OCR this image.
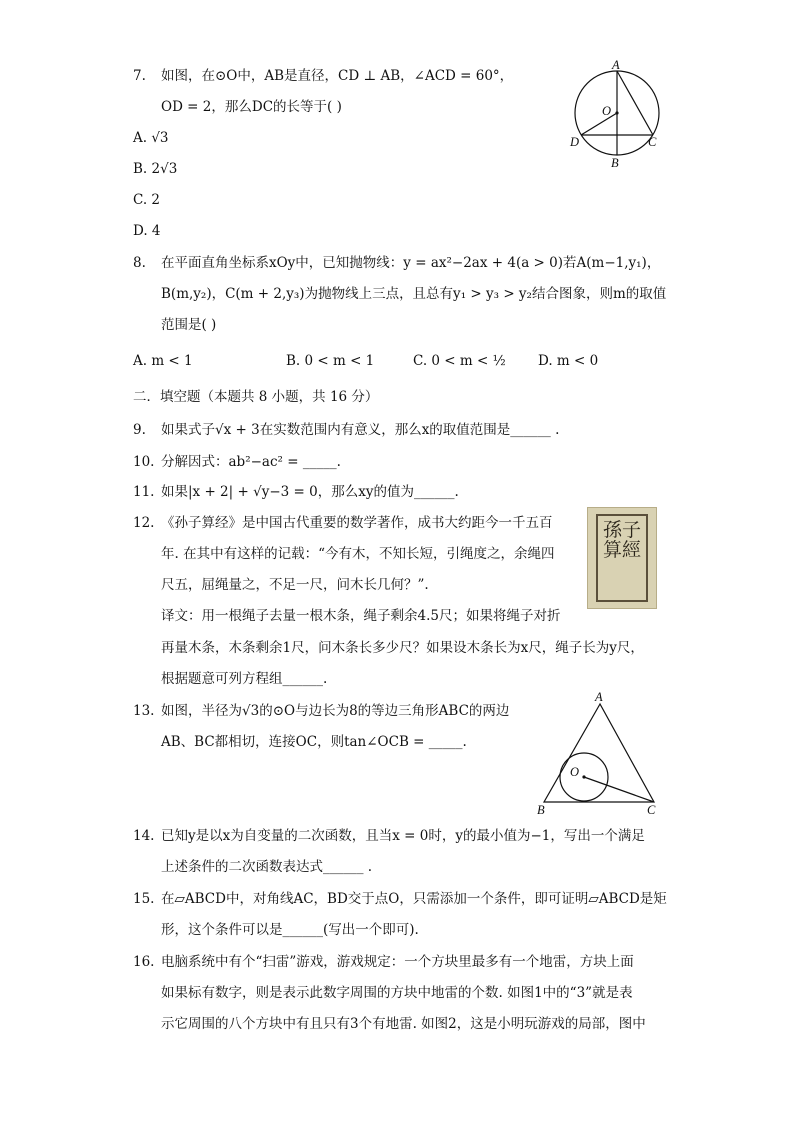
7. 如图，在⊙O中，AB是直径，CD ⊥ AB，∠ACD = 60°，
OD = 2，那么DC的长等于( )
A. √3
B. 2√3
C. 2
D. 4
A
O
D	C
B
8. 在平面直角坐标系xOy中，已知抛物线：y = ax²−2ax + 4(a > 0)若A(m−1,y₁)，
B(m,y₂)，C(m + 2,y₃)为抛物线上三点，且总有y₁ > y₃ > y₂结合图象，则m的取值
范围是( )
A. m < 1	B. 0 < m < 1	C. 0 < m < ½ D. m < 0
二．填空题（本题共 8 小题，共 16 分）
9. 如果式子√x + 3在实数范围内有意义，那么x的取值范围是______ .
10. 分解因式：ab²−ac² = _____.
11. 如果|x + 2| + √y−3 = 0，那么xy的值为______.
12. 《孙子算经》是中国古代重要的数学著作，成书大约距今一千五百
年. 在其中有这样的记载：“今有木，不知长短，引绳度之，余绳四
尺五，屈绳量之，不足一尺，问木长几何？”.
译文：用一根绳子去量一根木条，绳子剩余4.5尺；如果将绳子对折
再量木条，木条剩余1尺，问木条长多少尺？如果设木条长为x尺，绳子长为y尺，
根据题意可列方程组______.
孫子算經
13. 如图，半径为√3的⊙O与边长为8的等边三角形ABC的两边
AB、BC都相切，连接OC，则tan∠OCB = _____.
A
O
B	C
14. 已知y是以x为自变量的二次函数，且当x = 0时，y的最小值为−1，写出一个满足
上述条件的二次函数表达式______ .
15. 在▱ABCD中，对角线AC，BD交于点O，只需添加一个条件，即可证明▱ABCD是矩
形，这个条件可以是______(写出一个即可).
16. 电脑系统中有个“扫雷”游戏，游戏规定：一个方块里最多有一个地雷，方块上面
如果标有数字，则是表示此数字周围的方块中地雷的个数. 如图1中的“3”就是表
示它周围的八个方块中有且只有3个有地雷. 如图2，这是小明玩游戏的局部，图中
